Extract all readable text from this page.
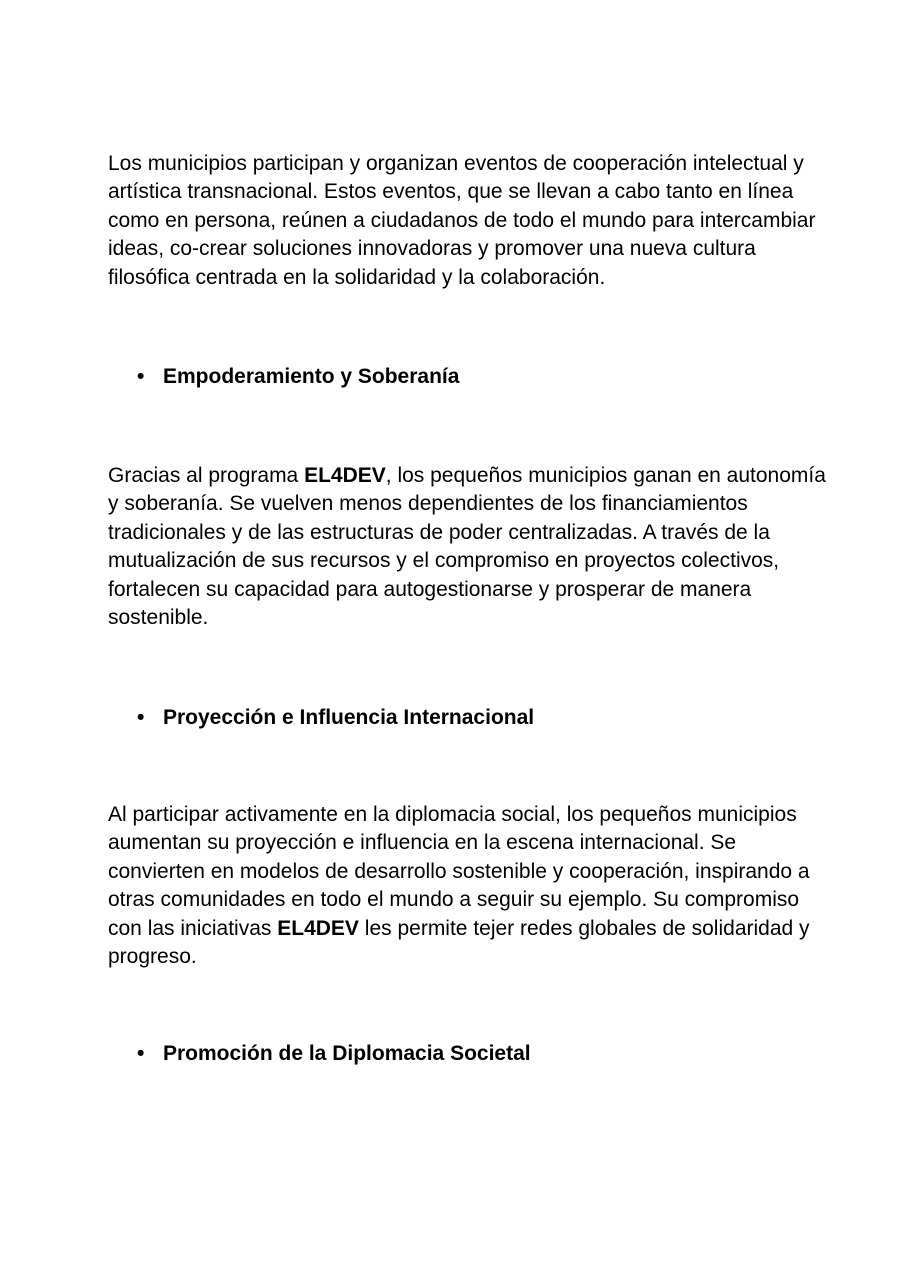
Los municipios participan y organizan eventos de cooperación intelectual y
artística transnacional. Estos eventos, que se llevan a cabo tanto en línea
como en persona, reúnen a ciudadanos de todo el mundo para intercambiar
ideas, co-crear soluciones innovadoras y promover una nueva cultura
filosófica centrada en la solidaridad y la colaboración.
• Empoderamiento y Soberanía
Gracias al programa EL4DEV, los pequeños municipios ganan en autonomía
y soberanía. Se vuelven menos dependientes de los financiamientos
tradicionales y de las estructuras de poder centralizadas. A través de la
mutualización de sus recursos y el compromiso en proyectos colectivos,
fortalecen su capacidad para autogestionarse y prosperar de manera
sostenible.
• Proyección e Influencia Internacional
Al participar activamente en la diplomacia social, los pequeños municipios
aumentan su proyección e influencia en la escena internacional. Se
convierten en modelos de desarrollo sostenible y cooperación, inspirando a
otras comunidades en todo el mundo a seguir su ejemplo. Su compromiso
con las iniciativas EL4DEV les permite tejer redes globales de solidaridad y
progreso.
• Promoción de la Diplomacia Societal
